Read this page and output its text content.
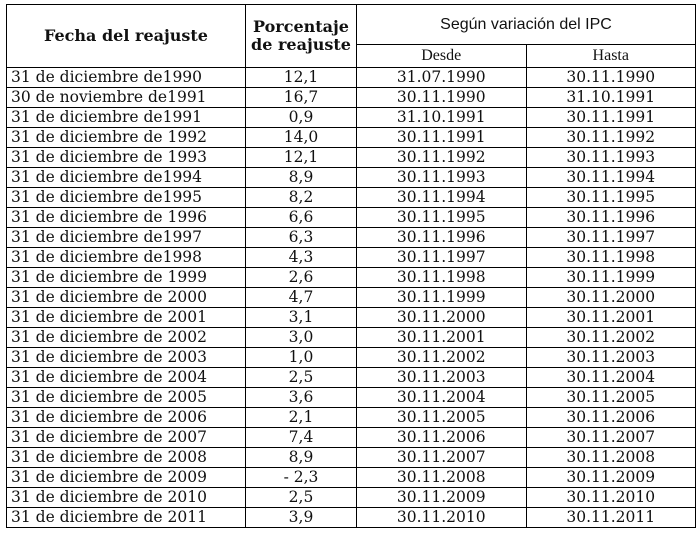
Fecha del reajuste	Porcentaje de reajuste	Según variación del IPC	
		Desde	Hasta
31 de diciembre de1990	12,1	31.07.1990	30.11.1990
30 de noviembre de1991	16,7	30.11.1990	31.10.1991
31 de diciembre de1991	0,9	31.10.1991	30.11.1991
31 de diciembre de 1992	14,0	30.11.1991	30.11.1992
31 de diciembre de 1993	12,1	30.11.1992	30.11.1993
31 de diciembre de1994	8,9	30.11.1993	30.11.1994
31 de diciembre de1995	8,2	30.11.1994	30.11.1995
31 de diciembre de 1996	6,6	30.11.1995	30.11.1996
31 de diciembre de1997	6,3	30.11.1996	30.11.1997
31 de diciembre de1998	4,3	30.11.1997	30.11.1998
31 de diciembre de 1999	2,6	30.11.1998	30.11.1999
31 de diciembre de 2000	4,7	30.11.1999	30.11.2000
31 de diciembre de 2001	3,1	30.11.2000	30.11.2001
31 de diciembre de 2002	3,0	30.11.2001	30.11.2002
31 de diciembre de 2003	1,0	30.11.2002	30.11.2003
31 de diciembre de 2004	2,5	30.11.2003	30.11.2004
31 de diciembre de 2005	3,6	30.11.2004	30.11.2005
31 de diciembre de 2006	2,1	30.11.2005	30.11.2006
31 de diciembre de 2007	7,4	30.11.2006	30.11.2007
31 de diciembre de 2008	8,9	30.11.2007	30.11.2008
31 de diciembre de 2009	- 2,3	30.11.2008	30.11.2009
31 de diciembre de 2010	2,5	30.11.2009	30.11.2010
31 de diciembre de 2011	3,9	30.11.2010	30.11.2011
